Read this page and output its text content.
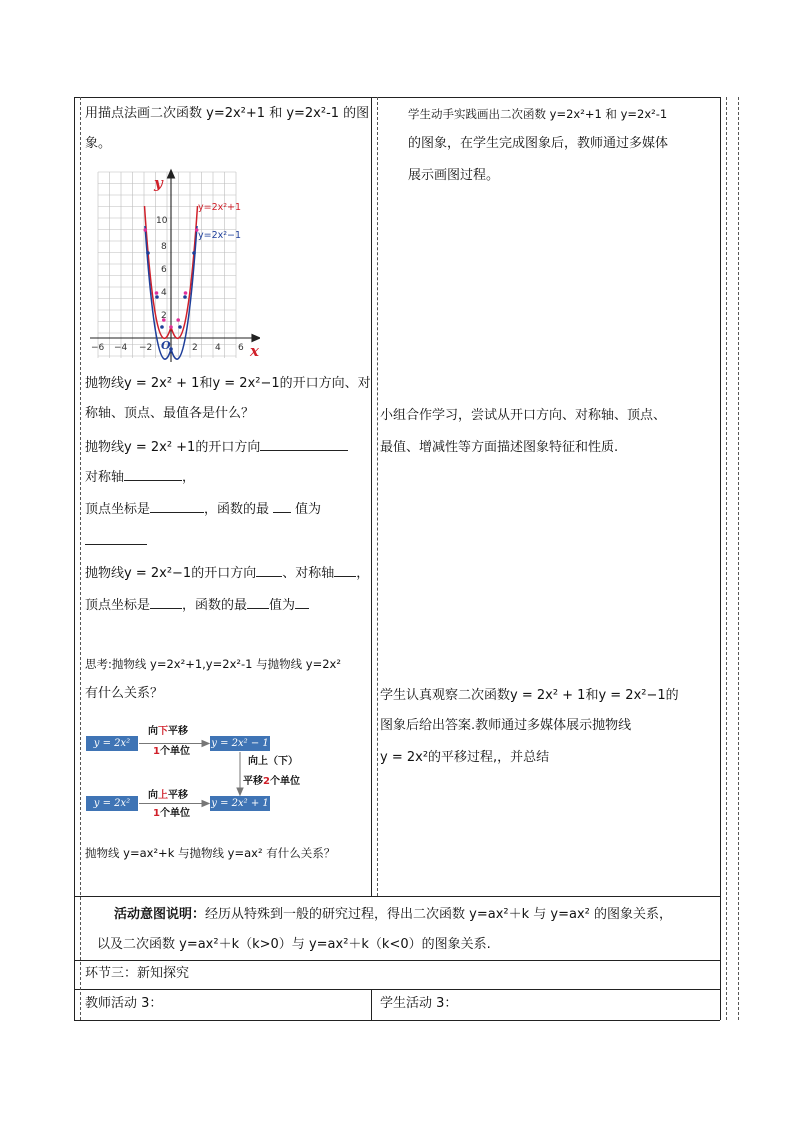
用描点法画二次函数 y=2x²+1 和 y=2x²-1 的图
象。
−6 −4 −2	2 4 6
2
4
6
8
10
y
x
O
y=2x²+1
y=2x²−1
抛物线y = 2x² + 1和y = 2x²−1的开口方向、对
称轴、顶点、最值各是什么？
抛物线y = 2x² +1的开口方向
对称轴	，
顶点坐标是	，函数的最 值为
抛物线y = 2x²−1的开口方向 、对称轴 ，
顶点坐标是 ，函数的最 值为
思考:抛物线 y=2x²+1,y=2x²-1 与抛物线 y=2x²
有什么关系？
y = 2x²	y = 2x² − 1
y = 2x²	y = 2x² + 1
向下平移
1个单位
向上平移
1个单位
向上（下）
平移2个单位
抛物线 y=ax²+k 与抛物线 y=ax² 有什么关系？
学生动手实践画出二次函数 y=2x²+1 和 y=2x²-1
的图象，在学生完成图象后，教师通过多媒体
展示画图过程。
小组合作学习，尝试从开口方向、对称轴、顶点、
最值、增减性等方面描述图象特征和性质.
学生认真观察二次函数y = 2x² + 1和y = 2x²−1的
图象后给出答案.教师通过多媒体展示抛物线
y = 2x²的平移过程,，并总结
活动意图说明：经历从特殊到一般的研究过程，得出二次函数 y=ax²＋k 与 y=ax² 的图象关系，
以及二次函数 y=ax²＋k（k>0）与 y=ax²＋k（k<0）的图象关系.
环节三：新知探究
教师活动 3：	学生活动 3：
